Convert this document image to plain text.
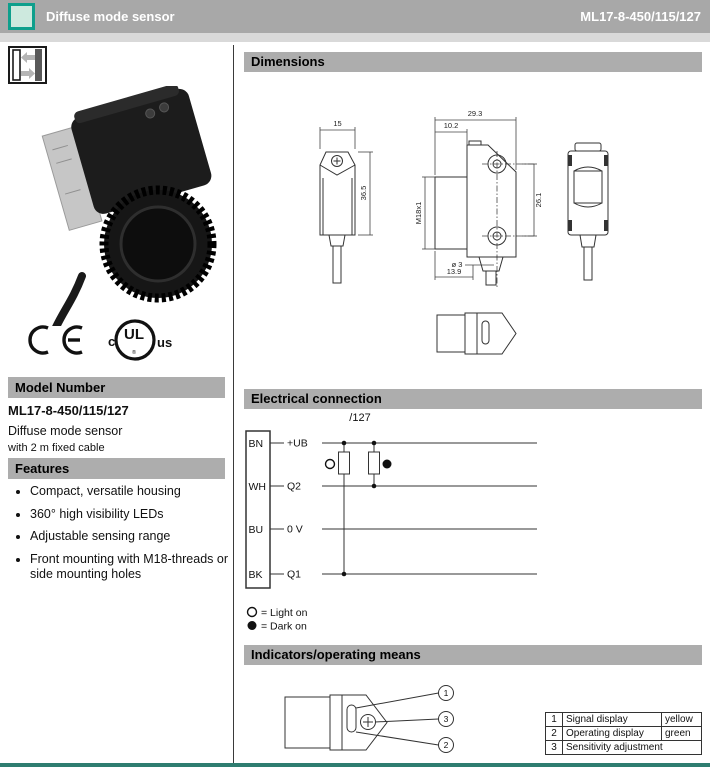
Diffuse mode sensor	ML17-8-450/115/127
c UL
®
us
Model Number
ML17-8-450/115/127
Diffuse mode sensor
with 2 m fixed cable
Features
• Compact, versatile housing
• 360° high visibility LEDs
• Adjustable sensing range
• Front mounting with M18-threads or side mounting holes
Dimensions
15
36.5
29.3
10.2
M18x1
26.1
ø 3
13.9
Electrical connection
/127
BN +UB
WH Q2
BU 0 V
BK Q1
= Light on
= Dark on
Indicators/operating means
1
3
2
1	Signal display	yellow
2	Operating display	green
3	Sensitivity adjustment	
